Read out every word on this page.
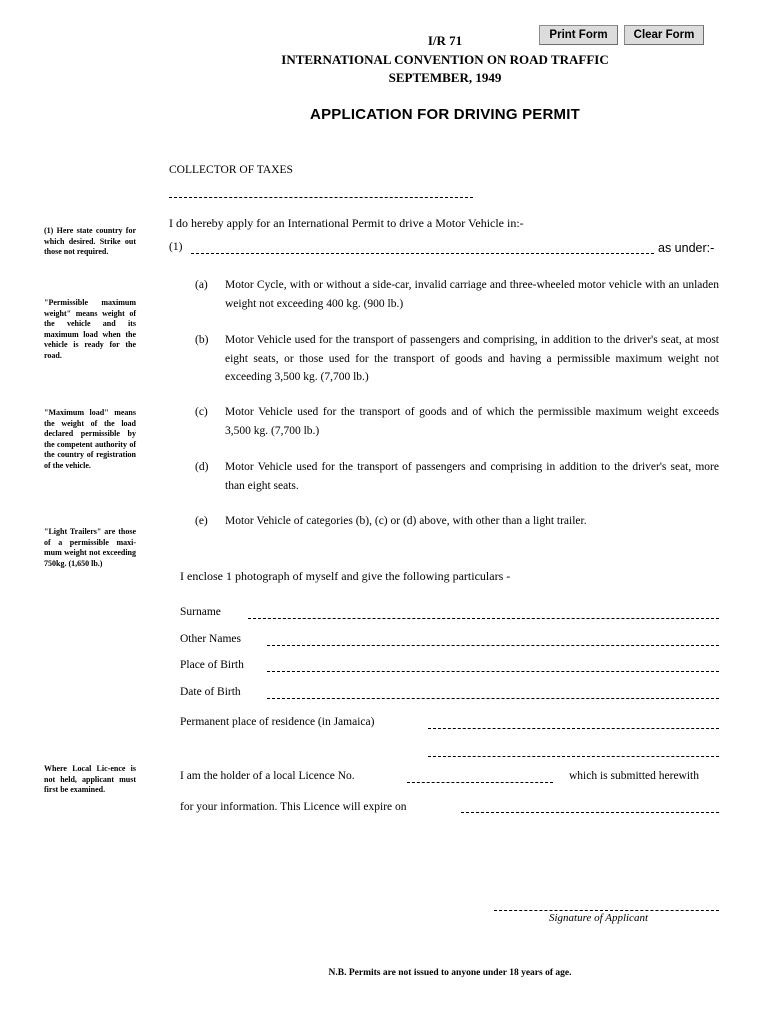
Print Form	Clear Form
I/R 71
INTERNATIONAL CONVENTION ON ROAD TRAFFIC
SEPTEMBER, 1949
APPLICATION FOR DRIVING PERMIT
COLLECTOR OF TAXES
I do hereby apply for an International Permit to drive a Motor Vehicle in:-
(1)	as under:-
(a) Motor Cycle, with or without a side-car, invalid carriage and three-wheeled motor vehicle with an unladen weight not exceeding 400 kg. (900 lb.)
(b) Motor Vehicle used for the transport of passengers and comprising, in addition to the driver's seat, at most eight seats, or those used for the transport of goods and having a permissible maximum weight not exceeding 3,500 kg. (7,700 lb.)
(c) Motor Vehicle used for the transport of goods and of which the permissible maximum weight exceeds 3,500 kg. (7,700 lb.)
(d) Motor Vehicle used for the transport of passengers and comprising in addition to the driver's seat, more than eight seats.
(e) Motor Vehicle of categories (b), (c) or (d) above, with other than a light trailer.
(1) Here state country for which desired. Strike out those not required.
"Permissible maximum weight" means weight of the vehicle and its maximum load when the vehicle is ready for the road.
"Maximum load" means the weight of the load declared permissible by the competent authority of the country of registration of the vehicle.
"Light Trailers" are those of a permissible maxi-mum weight not exceeding 750kg. (1,650 lb.)
Where Local Lic-ence is not held, applicant must first be examined.
I enclose 1 photograph of myself and give the following particulars -
Surname
Other Names
Place of Birth
Date of Birth
Permanent place of residence (in Jamaica)
I am the holder of a local Licence No.	which is submitted herewith
for your information. This Licence will expire on
Signature of Applicant
N.B. Permits are not issued to anyone under 18 years of age.
